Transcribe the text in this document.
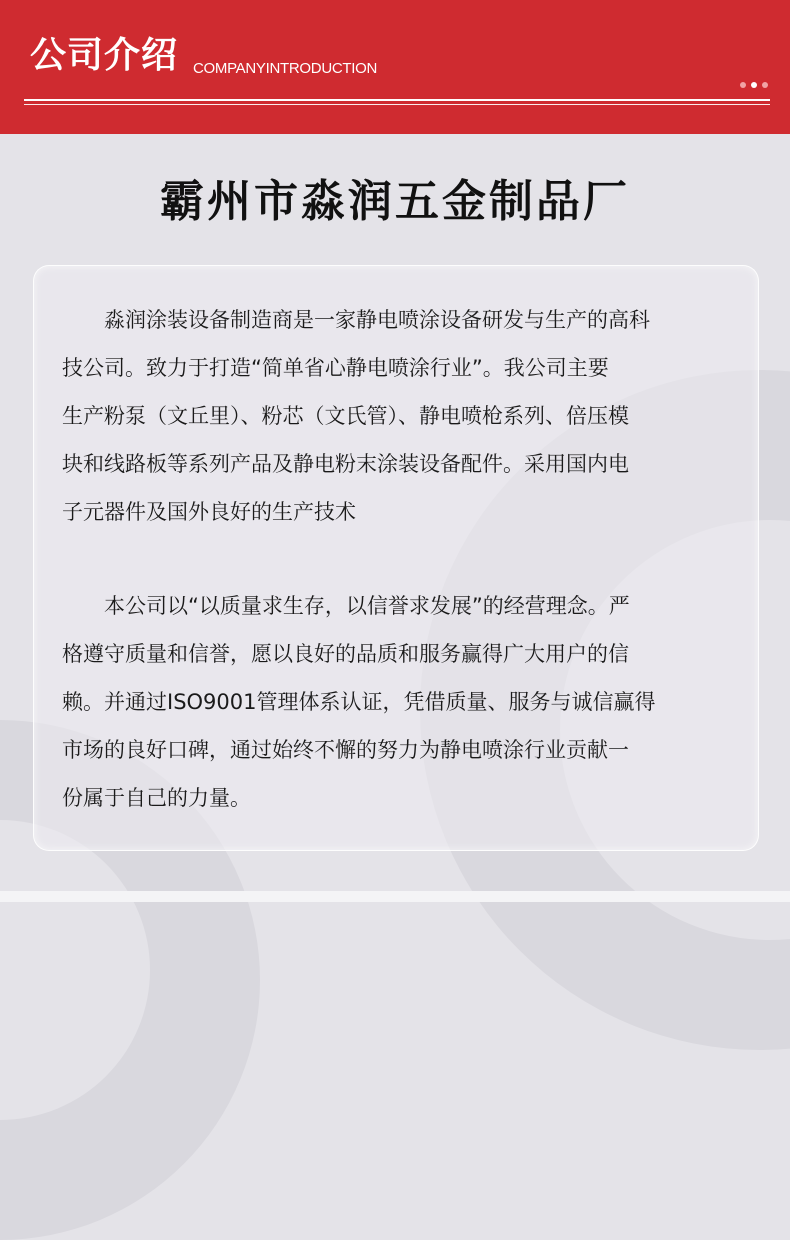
公司介绍 COMPANYINTRODUCTION
霸州市淼润五金制品厂

　　淼润涂装设备制造商是一家静电喷涂设备研发与生产的高科
技公司。致力于打造“简单省心静电喷涂行业”。我公司主要
生产粉泵（文丘里）、粉芯（文氏管）、静电喷枪系列、倍压模
块和线路板等系列产品及静电粉末涂装设备配件。采用国内电
子元器件及国外良好的生产技术

　　本公司以“以质量求生存，以信誉求发展”的经营理念。严
格遵守质量和信誉，愿以良好的品质和服务赢得广大用户的信
赖。并通过ISO9001管理体系认证，凭借质量、服务与诚信赢得
市场的良好口碑，通过始终不懈的努力为静电喷涂行业贡献一
份属于自己的力量。
